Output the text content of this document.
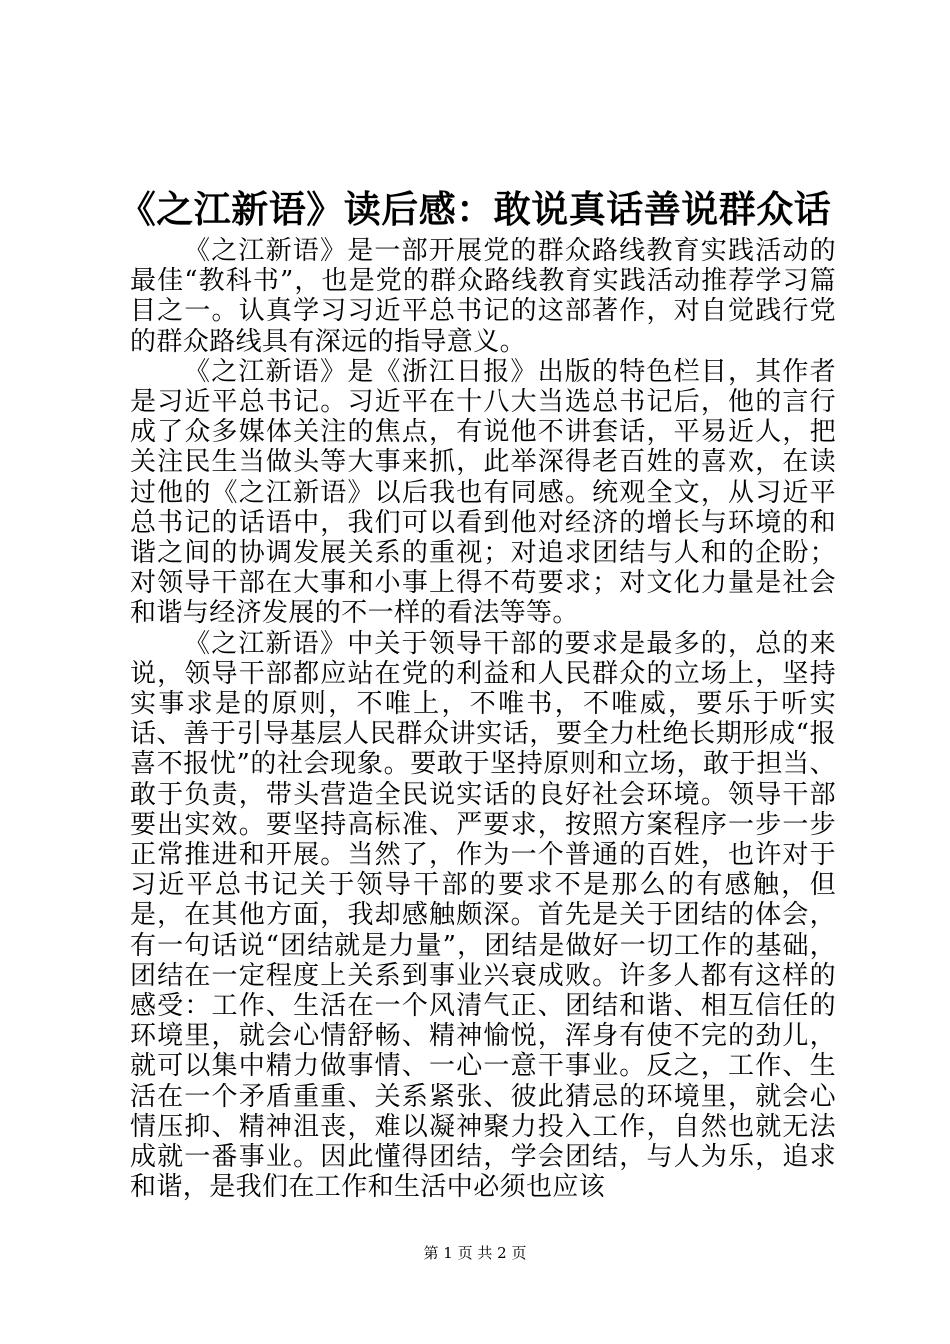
《之江新语》读后感：敢说真话善说群众话

《之江新语》是一部开展党的群众路线教育实践活动的最佳“教科书”，也是党的群众路线教育实践活动推荐学习篇目之一。认真学习习近平总书记的这部著作，对自觉践行党的群众路线具有深远的指导意义。

《之江新语》是《浙江日报》出版的特色栏目，其作者是习近平总书记。习近平在十八大当选总书记后，他的言行成了众多媒体关注的焦点，有说他不讲套话，平易近人，把关注民生当做头等大事来抓，此举深得老百姓的喜欢，在读过他的《之江新语》以后我也有同感。统观全文，从习近平总书记的话语中，我们可以看到他对经济的增长与环境的和谐之间的协调发展关系的重视；对追求团结与人和的企盼；对领导干部在大事和小事上得不苟要求；对文化力量是社会和谐与经济发展的不一样的看法等等。

《之江新语》中关于领导干部的要求是最多的，总的来说，领导干部都应站在党的利益和人民群众的立场上，坚持实事求是的原则，不唯上，不唯书，不唯威，要乐于听实话、善于引导基层人民群众讲实话，要全力杜绝长期形成“报喜不报忧”的社会现象。要敢于坚持原则和立场，敢于担当、敢于负责，带头营造全民说实话的良好社会环境。领导干部要出实效。要坚持高标准、严要求，按照方案程序一步一步正常推进和开展。当然了，作为一个普通的百姓，也许对于习近平总书记关于领导干部的要求不是那么的有感触，但是，在其他方面，我却感触颇深。首先是关于团结的体会，有一句话说“团结就是力量”，团结是做好一切工作的基础，团结在一定程度上关系到事业兴衰成败。许多人都有这样的感受：工作、生活在一个风清气正、团结和谐、相互信任的环境里，就会心情舒畅、精神愉悦，浑身有使不完的劲儿，就可以集中精力做事情、一心一意干事业。反之，工作、生活在一个矛盾重重、关系紧张、彼此猜忌的环境里，就会心情压抑、精神沮丧，难以凝神聚力投入工作，自然也就无法成就一番事业。因此懂得团结，学会团结，与人为乐，追求和谐，是我们在工作和生活中必须也应该

第 1 页 共 2 页
